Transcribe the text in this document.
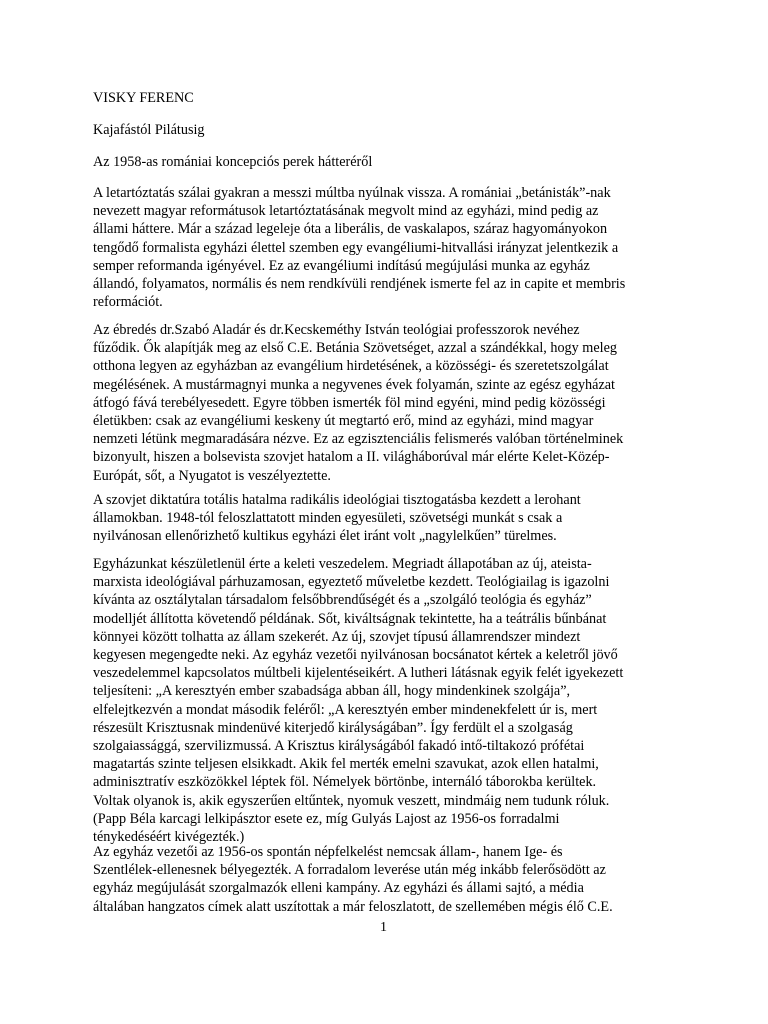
VISKY FERENC
Kajafástól Pilátusig
Az 1958-as romániai koncepciós perek hátteréről
A letartóztatás szálai gyakran a messzi múltba nyúlnak vissza. A romániai „betánisták”-nak
nevezett magyar reformátusok letartóztatásának megvolt mind az egyházi, mind pedig az
állami háttere. Már a század legeleje óta a liberális, de vaskalapos, száraz hagyományokon
tengődő formalista egyházi élettel szemben egy evangéliumi-hitvallási irányzat jelentkezik a
semper reformanda igényével. Ez az evangéliumi indítású megújulási munka az egyház
állandó, folyamatos, normális és nem rendkívüli rendjének ismerte fel az in capite et membris
reformációt.
Az ébredés dr.Szabó Aladár és dr.Kecskeméthy István teológiai professzorok nevéhez
fűződik. Ők alapítják meg az első C.E. Betánia Szövetséget, azzal a szándékkal, hogy meleg
otthona legyen az egyházban az evangélium hirdetésének, a közösségi- és szeretetszolgálat
megélésének. A mustármagnyi munka a negyvenes évek folyamán, szinte az egész egyházat
átfogó fává terebélyesedett. Egyre többen ismerték föl mind egyéni, mind pedig közösségi
életükben: csak az evangéliumi keskeny út megtartó erő, mind az egyházi, mind magyar
nemzeti létünk megmaradására nézve. Ez az egzisztenciális felismerés valóban történelminek
bizonyult, hiszen a bolsevista szovjet hatalom a II. világháborúval már elérte Kelet-Közép-
Európát, sőt, a Nyugatot is veszélyeztette.
A szovjet diktatúra totális hatalma radikális ideológiai tisztogatásba kezdett a lerohant
államokban. 1948-tól feloszlattatott minden egyesületi, szövetségi munkát s csak a
nyilvánosan ellenőrizhető kultikus egyházi élet iránt volt „nagylelkűen” türelmes.
Egyházunkat készületlenül érte a keleti veszedelem. Megriadt állapotában az új, ateista-
marxista ideológiával párhuzamosan, egyeztető műveletbe kezdett. Teológiailag is igazolni
kívánta az osztálytalan társadalom felsőbbrendűségét és a „szolgáló teológia és egyház”
modelljét állította követendő példának. Sőt, kiváltságnak tekintette, ha a teátrális bűnbánat
könnyei között tolhatta az állam szekerét. Az új, szovjet típusú államrendszer mindezt
kegyesen megengedte neki. Az egyház vezetői nyilvánosan bocsánatot kértek a keletről jövő
veszedelemmel kapcsolatos múltbeli kijelentéseikért. A lutheri látásnak egyik felét igyekezett
teljesíteni: „A keresztyén ember szabadsága abban áll, hogy mindenkinek szolgája”,
elfelejtkezvén a mondat második feléről: „A keresztyén ember mindenekfelett úr is, mert
részesült Krisztusnak mindenüvé kiterjedő királyságában”. Így ferdült el a szolgaság
szolgaiassággá, szervilizmussá. A Krisztus királyságából fakadó intő-tiltakozó prófétai
magatartás szinte teljesen elsikkadt. Akik fel merték emelni szavukat, azok ellen hatalmi,
adminisztratív eszközökkel léptek föl. Némelyek börtönbe, internáló táborokba kerültek.
Voltak olyanok is, akik egyszerűen eltűntek, nyomuk veszett, mindmáig nem tudunk róluk.
(Papp Béla karcagi lelkipásztor esete ez, míg Gulyás Lajost az 1956-os forradalmi
ténykedéséért kivégezték.)
Az egyház vezetői az 1956-os spontán népfelkelést nemcsak állam-, hanem Ige- és
Szentlélek-ellenesnek bélyegezték. A forradalom leverése után még inkább felerősödött az
egyház megújulását szorgalmazók elleni kampány. Az egyházi és állami sajtó, a média
általában hangzatos címek alatt uszítottak a már feloszlatott, de szellemében mégis élő C.E.
1
